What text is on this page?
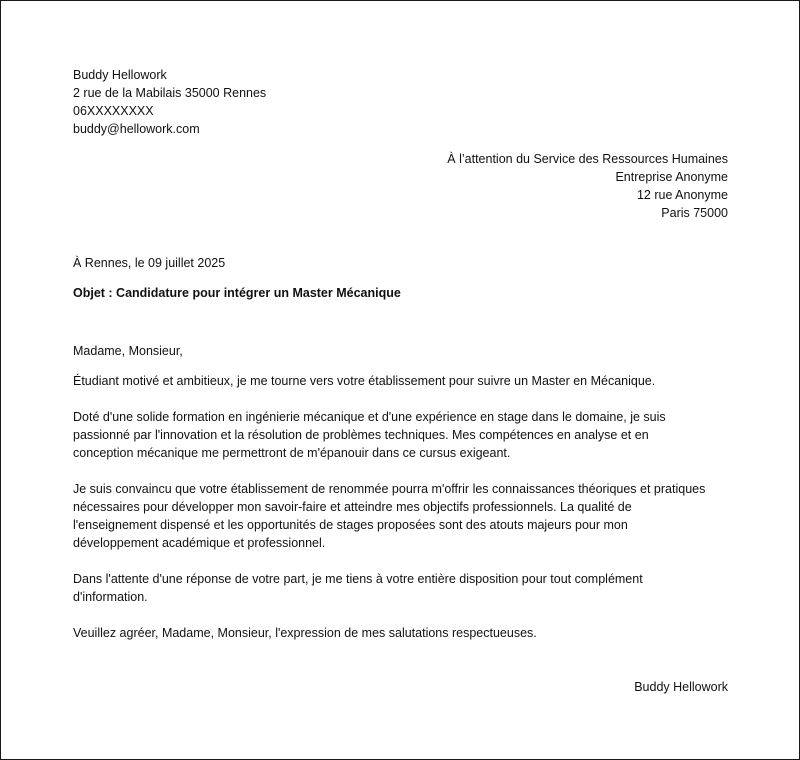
Buddy Hellowork
2 rue de la Mabilais 35000 Rennes
06XXXXXXXX
buddy@hellowork.com
À l’attention du Service des Ressources Humaines
Entreprise Anonyme
12 rue Anonyme
Paris 75000
À Rennes, le 09 juillet 2025
Objet : Candidature pour intégrer un Master Mécanique
Madame, Monsieur,
Étudiant motivé et ambitieux, je me tourne vers votre établissement pour suivre un Master en Mécanique.
Doté d'une solide formation en ingénierie mécanique et d'une expérience en stage dans le domaine, je suis
passionné par l'innovation et la résolution de problèmes techniques. Mes compétences en analyse et en
conception mécanique me permettront de m'épanouir dans ce cursus exigeant.
Je suis convaincu que votre établissement de renommée pourra m'offrir les connaissances théoriques et pratiques
nécessaires pour développer mon savoir-faire et atteindre mes objectifs professionnels. La qualité de
l'enseignement dispensé et les opportunités de stages proposées sont des atouts majeurs pour mon
développement académique et professionnel.
Dans l'attente d'une réponse de votre part, je me tiens à votre entière disposition pour tout complément
d'information.
Veuillez agréer, Madame, Monsieur, l'expression de mes salutations respectueuses.
Buddy Hellowork
